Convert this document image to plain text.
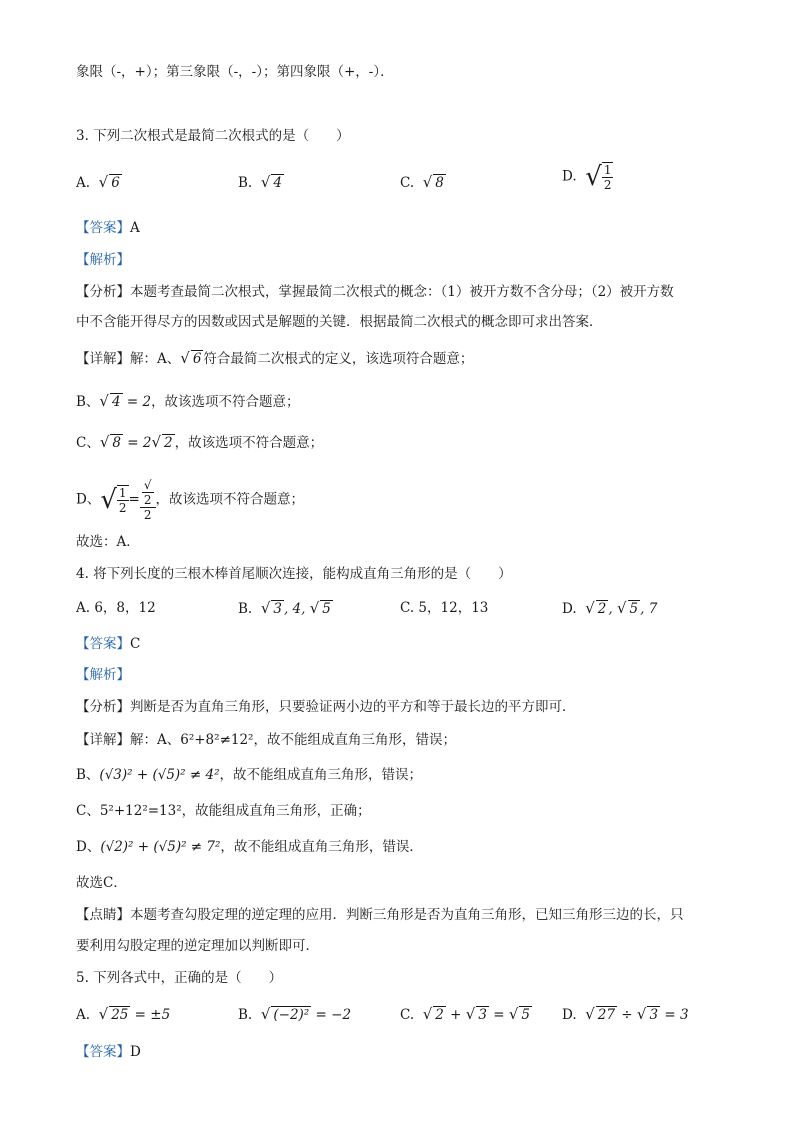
象限（-，+）；第三象限（-，-）；第四象限（+，-）．
3. 下列二次根式是最简二次根式的是（　　）
A. √ 6	B. √ 4	C. √ 8	D. √ $\frac{1}{2}$
【答案】A
【解析】
【分析】本题考查最简二次根式，掌握最简二次根式的概念：（1）被开方数不含分母；（2）被开方数
中不含能开得尽方的因数或因式是解题的关键．根据最简二次根式的概念即可求出答案．
【详解】解：A、√ 6 符合最简二次根式的定义，该选项符合题意；
B、√ 4 = 2，故该选项不符合题意；
C、√ 8 = 2√ 2 ，故该选项不符合题意；
D、√ $\frac{1}{2}$ = √
2
2 ，故该选项不符合题意；
故选：A．
4. 将下列长度的三根木棒首尾顺次连接，能构成直角三角形的是（　　）
A. 6，8，12	B. √ 3 , 4, √ 5	C. 5，12，13	D. √ 2 , √ 5 , 7
【答案】C
【解析】
【分析】判断是否为直角三角形，只要验证两小边的平方和等于最长边的平方即可．
【详解】解：A、6²+8²≠12²，故不能组成直角三角形，错误；
B、(√3)² + (√5)² ≠ 4²，故不能组成直角三角形，错误；
C、5²+12²=13²，故能组成直角三角形，正确；
D、(√2)² + (√5)² ≠ 7²，故不能组成直角三角形，错误．
故选C．
【点睛】本题考查勾股定理的逆定理的应用．判断三角形是否为直角三角形，已知三角形三边的长，只
要利用勾股定理的逆定理加以判断即可．
5. 下列各式中，正确的是（　　）
A. √ 25 = ±5	B. √ (−2)² = −2	C. √ 2 + √ 3 = √ 5 D. √ 27 ÷ √ 3 = 3
【答案】D
